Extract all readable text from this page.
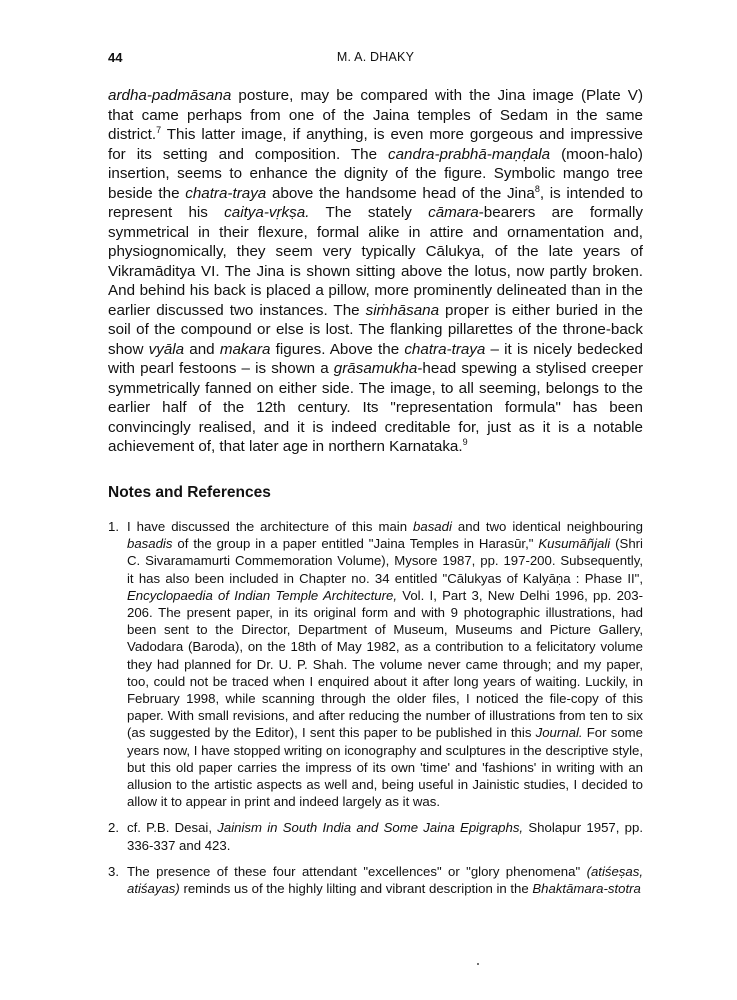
44	M. A. DHAKY

ardha-padmāsana posture, may be compared with the Jina image (Plate V) that came perhaps from one of the Jaina temples of Sedam in the same district.$^7$ This latter image, if anything, is even more gorgeous and impressive for its setting and composition. The candra-prabhā-maṇḍala (moon-halo) insertion, seems to enhance the dignity of the figure. Symbolic mango tree beside the chatra-traya above the handsome head of the Jina$^8$, is intended to represent his caitya-vṛkṣa. The stately cāmara-bearers are formally symmetrical in their flexure, formal alike in attire and ornamentation and, physiognomically, they seem very typically Cālukya, of the late years of Vikramāditya VI. The Jina is shown sitting above the lotus, now partly broken. And behind his back is placed a pillow, more prominently delineated than in the earlier discussed two instances. The siṁhāsana proper is either buried in the soil of the compound or else is lost. The flanking pillarettes of the throne-back show vyāla and makara figures. Above the chatra-traya – it is nicely bedecked with pearl festoons – is shown a grāsamukha-head spewing a stylised creeper symmetrically fanned on either side. The image, to all seeming, belongs to the earlier half of the 12th century. Its "representation formula" has been convincingly realised, and it is indeed creditable for, just as it is a notable achievement of, that later age in northern Karnataka.$^9$

Notes and References
1. I have discussed the architecture of this main basadi and two identical neighbouring basadis of the group in a paper entitled "Jaina Temples in Harasūr," Kusumāñjali (Shri C. Sivaramamurti Commemoration Volume), Mysore 1987, pp. 197-200. Subsequently, it has also been included in Chapter no. 34 entitled "Cālukyas of Kalyāṇa : Phase II", Encyclopaedia of Indian Temple Architecture, Vol. I, Part 3, New Delhi 1996, pp. 203-206. The present paper, in its original form and with 9 photographic illustrations, had been sent to the Director, Department of Museum, Museums and Picture Gallery, Vadodara (Baroda), on the 18th of May 1982, as a contribution to a felicitatory volume they had planned for Dr. U. P. Shah. The volume never came through; and my paper, too, could not be traced when I enquired about it after long years of waiting. Luckily, in February 1998, while scanning through the older files, I noticed the file-copy of this paper. With small revisions, and after reducing the number of illustrations from ten to six (as suggested by the Editor), I sent this paper to be published in this Journal. For some years now, I have stopped writing on iconography and sculptures in the descriptive style, but this old paper carries the impress of its own 'time' and 'fashions' in writing with an allusion to the artistic aspects as well and, being useful in Jainistic studies, I decided to allow it to appear in print and indeed largely as it was.
2. cf. P.B. Desai, Jainism in South India and Some Jaina Epigraphs, Sholapur 1957, pp. 336-337 and 423.
3. The presence of these four attendant "excellences" or "glory phenomena" (atiśeṣas, atiśayas) reminds us of the highly lilting and vibrant description in the Bhaktāmara-stotra
